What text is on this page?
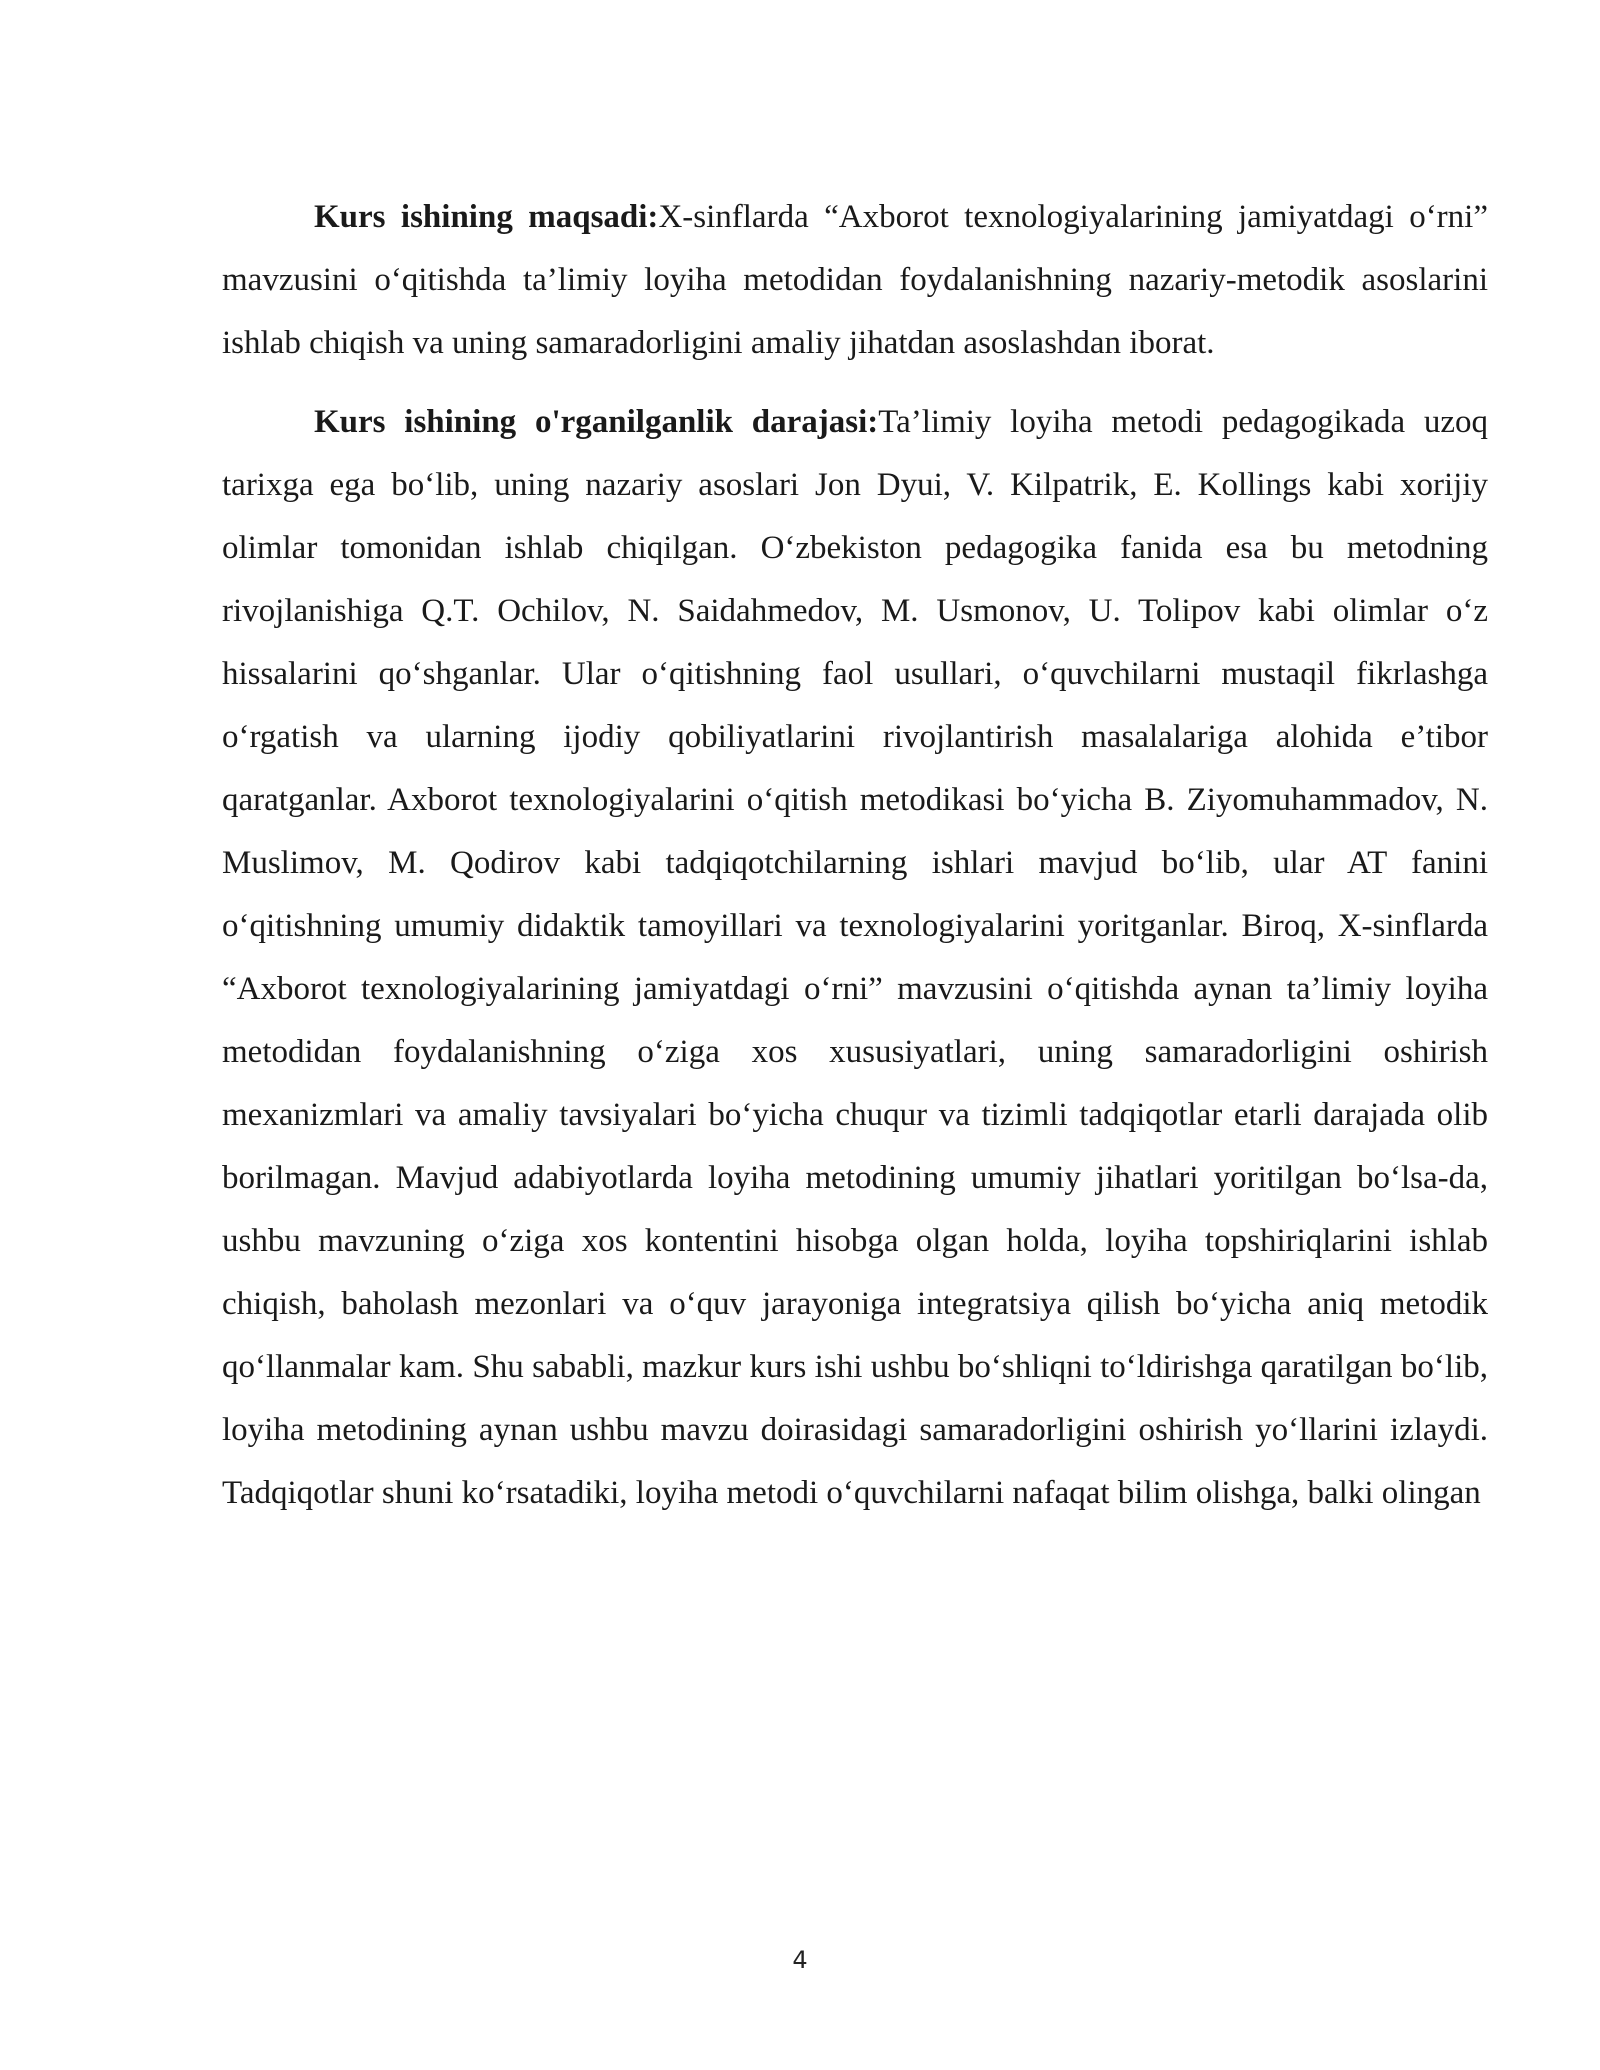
Kurs ishining maqsadi:X-sinflarda “Axborot texnologiyalarining jamiyatdagi o‘rni” mavzusini o‘qitishda ta’limiy loyiha metodidan foydalanishning nazariy-metodik asoslarini ishlab chiqish va uning samaradorligini amaliy jihatdan asoslashdan iborat.

Kurs ishining o'rganilganlik darajasi:Ta’limiy loyiha metodi pedagogikada uzoq tarixga ega bo‘lib, uning nazariy asoslari Jon Dyui, V. Kilpatrik, E. Kollings kabi xorijiy olimlar tomonidan ishlab chiqilgan. O‘zbekiston pedagogika fanida esa bu metodning rivojlanishiga Q.T. Ochilov, N. Saidahmedov, M. Usmonov, U. Tolipov kabi olimlar o‘z hissalarini qo‘shganlar. Ular o‘qitishning faol usullari, o‘quvchilarni mustaqil fikrlashga o‘rgatish va ularning ijodiy qobiliyatlarini rivojlantirish masalalariga alohida e’tibor qaratganlar. Axborot texnologiyalarini o‘qitish metodikasi bo‘yicha B. Ziyomuhammadov, N. Muslimov, M. Qodirov kabi tadqiqotchilarning ishlari mavjud bo‘lib, ular AT fanini o‘qitishning umumiy didaktik tamoyillari va texnologiyalarini yoritganlar. Biroq, X-sinflarda “Axborot texnologiyalarining jamiyatdagi o‘rni” mavzusini o‘qitishda aynan ta’limiy loyiha metodidan foydalanishning o‘ziga xos xususiyatlari, uning samaradorligini oshirish mexanizmlari va amaliy tavsiyalari bo‘yicha chuqur va tizimli tadqiqotlar etarli darajada olib borilmagan. Mavjud adabiyotlarda loyiha metodining umumiy jihatlari yoritilgan bo‘lsa-da, ushbu mavzuning o‘ziga xos kontentini hisobga olgan holda, loyiha topshiriqlarini ishlab chiqish, baholash mezonlari va o‘quv jarayoniga integratsiya qilish bo‘yicha aniq metodik qo‘llanmalar kam. Shu sababli, mazkur kurs ishi ushbu bo‘shliqni to‘ldirishga qaratilgan bo‘lib, loyiha metodining aynan ushbu mavzu doirasidagi samaradorligini oshirish yo‘llarini izlaydi. Tadqiqotlar shuni ko‘rsatadiki, loyiha metodi o‘quvchilarni nafaqat bilim olishga, balki olingan

4
